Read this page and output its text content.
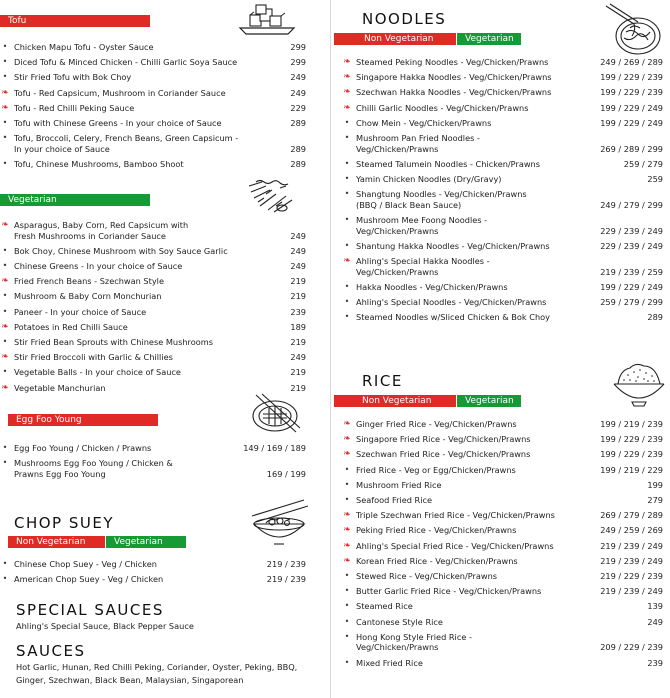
Tofu
Vegetarian
Egg Foo Young
CHOP SUEY
Non Vegetarian	Vegetarian
SPECIAL SAUCES
Ahling's Special Sauce, Black Pepper Sauce
SAUCES
Hot Garlic, Hunan, Red Chilli Peking, Coriander, Oyster, Peking, BBQ,
Ginger, Szechwan, Black Bean, Malaysian, Singaporean
• Chicken Mapu Tofu - Oyster Sauce	299
• Diced Tofu & Minced Chicken - Chilli Garlic Soya Sauce	299
• Stir Fried Tofu with Bok Choy	249
❧ Tofu - Red Capsicum, Mushroom in Coriander Sauce	249
❧ Tofu - Red Chilli Peking Sauce	229
• Tofu with Chinese Greens - In your choice of Sauce	289
• Tofu, Broccoli, Celery, French Beans, Green Capsicum -
In your choice of Sauce	289
• Tofu, Chinese Mushrooms, Bamboo Shoot	289
❧ Asparagus, Baby Corn, Red Capsicum with
Fresh Mushrooms in Coriander Sauce	249
• Bok Choy, Chinese Mushroom with Soy Sauce Garlic	249
• Chinese Greens - In your choice of Sauce	249
❧ Fried French Beans - Szechwan Style	219
• Mushroom & Baby Corn Monchurian	219
• Paneer - In your choice of Sauce	239
❧ Potatoes in Red Chilli Sauce	189
• Stir Fried Bean Sprouts with Chinese Mushrooms	219
❧ Stir Fried Broccoli with Garlic & Chillies	249
• Vegetable Balls - In your choice of Sauce	219
❧ Vegetable Manchurian	219
• Egg Foo Young / Chicken / Prawns	149 / 169 / 189
• Mushrooms Egg Foo Young / Chicken &
Prawns Egg Foo Young	169 / 199
• Chinese Chop Suey - Veg / Chicken	219 / 239
• American Chop Suey - Veg / Chicken	219 / 239
NOODLES
Non Vegetarian	Vegetarian
RICE
Non Vegetarian	Vegetarian
❧ Steamed Peking Noodles - Veg/Chicken/Prawns	249 / 269 / 289
❧ Singapore Hakka Noodles - Veg/Chicken/Prawns	199 / 229 / 239
❧ Szechwan Hakka Noodles - Veg/Chicken/Prawns	199 / 229 / 239
❧ Chilli Garlic Noodles - Veg/Chicken/Prawns	199 / 229 / 249
• Chow Mein - Veg/Chicken/Prawns	199 / 229 / 249
• Mushroom Pan Fried Noodles -
Veg/Chicken/Prawns	269 / 289 / 299
• Steamed Talumein Noodles - Chicken/Prawns	259 / 279
• Yamin Chicken Noodles (Dry/Gravy)	259
• Shangtung Noodles - Veg/Chicken/Prawns
(BBQ / Black Bean Sauce)	249 / 279 / 299
• Mushroom Mee Foong Noodles -
Veg/Chicken/Prawns	229 / 239 / 249
• Shantung Hakka Noodles - Veg/Chicken/Prawns	229 / 239 / 249
❧ Ahling's Special Hakka Noodles -
Veg/Chicken/Prawns	219 / 239 / 259
• Hakka Noodles - Veg/Chicken/Prawns	199 / 229 / 249
• Ahling's Special Noodles - Veg/Chicken/Prawns	259 / 279 / 299
• Steamed Noodles w/Sliced Chicken & Bok Choy	289
❧ Ginger Fried Rice - Veg/Chicken/Prawns	199 / 219 / 239
❧ Singapore Fried Rice - Veg/Chicken/Prawns	199 / 229 / 239
❧ Szechwan Fried Rice - Veg/Chicken/Prawns	199 / 229 / 239
• Fried Rice - Veg or Egg/Chicken/Prawns	199 / 219 / 229
• Mushroom Fried Rice	199
• Seafood Fried Rice	279
❧ Triple Szechwan Fried Rice - Veg/Chicken/Prawns	269 / 279 / 289
❧ Peking Fried Rice - Veg/Chicken/Prawns	249 / 259 / 269
❧ Ahling's Special Fried Rice - Veg/Chicken/Prawns	219 / 239 / 249
❧ Korean Fried Rice - Veg/Chicken/Prawns	219 / 239 / 249
• Stewed Rice - Veg/Chicken/Prawns	219 / 229 / 239
• Butter Garlic Fried Rice - Veg/Chicken/Prawns	219 / 239 / 249
• Steamed Rice	139
• Cantonese Style Rice	249
• Hong Kong Style Fried Rice -
Veg/Chicken/Prawns	209 / 229 / 239
• Mixed Fried Rice	239
